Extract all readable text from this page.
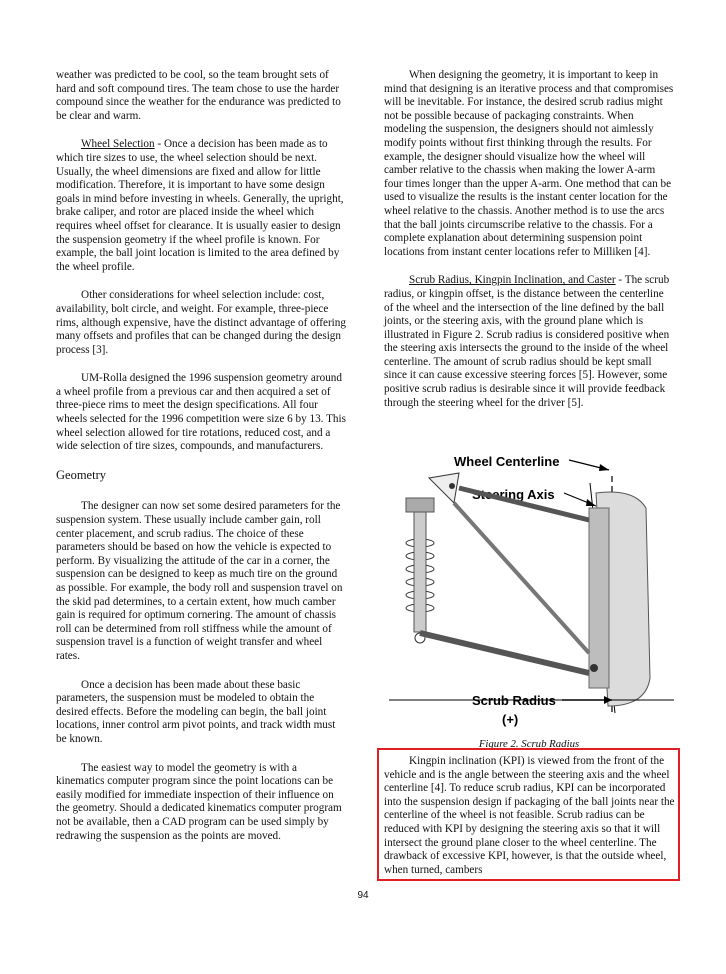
weather was predicted to be cool, so the team brought sets of hard and soft compound tires. The team chose to use the harder compound since the weather for the endurance was predicted to be clear and warm.

Wheel Selection - Once a decision has been made as to which tire sizes to use, the wheel selection should be next. Usually, the wheel dimensions are fixed and allow for little modification. Therefore, it is important to have some design goals in mind before investing in wheels. Generally, the upright, brake caliper, and rotor are placed inside the wheel which requires wheel offset for clearance. It is usually easier to design the suspension geometry if the wheel profile is known. For example, the ball joint location is limited to the area defined by the wheel profile.

Other considerations for wheel selection include: cost, availability, bolt circle, and weight. For example, three-piece rims, although expensive, have the distinct advantage of offering many offsets and profiles that can be changed during the design process [3].

UM-Rolla designed the 1996 suspension geometry around a wheel profile from a previous car and then acquired a set of three-piece rims to meet the design specifications. All four wheels selected for the 1996 competition were size 6 by 13. This wheel selection allowed for tire rotations, reduced cost, and a wide selection of tire sizes, compounds, and manufacturers.

Geometry

The designer can now set some desired parameters for the suspension system. These usually include camber gain, roll center placement, and scrub radius. The choice of these parameters should be based on how the vehicle is expected to perform. By visualizing the attitude of the car in a corner, the suspension can be designed to keep as much tire on the ground as possible. For example, the body roll and suspension travel on the skid pad determines, to a certain extent, how much camber gain is required for optimum cornering. The amount of chassis roll can be determined from roll stiffness while the amount of suspension travel is a function of weight transfer and wheel rates.

Once a decision has been made about these basic parameters, the suspension must be modeled to obtain the desired effects. Before the modeling can begin, the ball joint locations, inner control arm pivot points, and track width must be known.

The easiest way to model the geometry is with a kinematics computer program since the point locations can be easily modified for immediate inspection of their influence on the geometry. Should a dedicated kinematics computer program not be available, then a CAD program can be used simply by redrawing the suspension as the points are moved.

When designing the geometry, it is important to keep in mind that designing is an iterative process and that compromises will be inevitable. For instance, the desired scrub radius might not be possible because of packaging constraints. When modeling the suspension, the designers should not aimlessly modify points without first thinking through the results. For example, the designer should visualize how the wheel will camber relative to the chassis when making the lower A-arm four times longer than the upper A-arm. One method that can be used to visualize the results is the instant center location for the wheel relative to the chassis. Another method is to use the arcs that the ball joints circumscribe relative to the chassis. For a complete explanation about determining suspension point locations from instant center locations refer to Milliken [4].

Scrub Radius, Kingpin Inclination, and Caster - The scrub radius, or kingpin offset, is the distance between the centerline of the wheel and the intersection of the line defined by the ball joints, or the steering axis, with the ground plane which is illustrated in Figure 2. Scrub radius is considered positive when the steering axis intersects the ground to the inside of the wheel centerline. The amount of scrub radius should be kept small since it can cause excessive steering forces [5]. However, some positive scrub radius is desirable since it will provide feedback through the steering wheel for the driver [5].

Wheel Centerline
Steering Axis
Scrub Radius
(+)
Figure 2. Scrub Radius

Kingpin inclination (KPI) is viewed from the front of the vehicle and is the angle between the steering axis and the wheel centerline [4]. To reduce scrub radius, KPI can be incorporated into the suspension design if packaging of the ball joints near the centerline of the wheel is not feasible. Scrub radius can be reduced with KPI by designing the steering axis so that it will intersect the ground plane closer to the wheel centerline. The drawback of excessive KPI, however, is that the outside wheel, when turned, cambers

94
